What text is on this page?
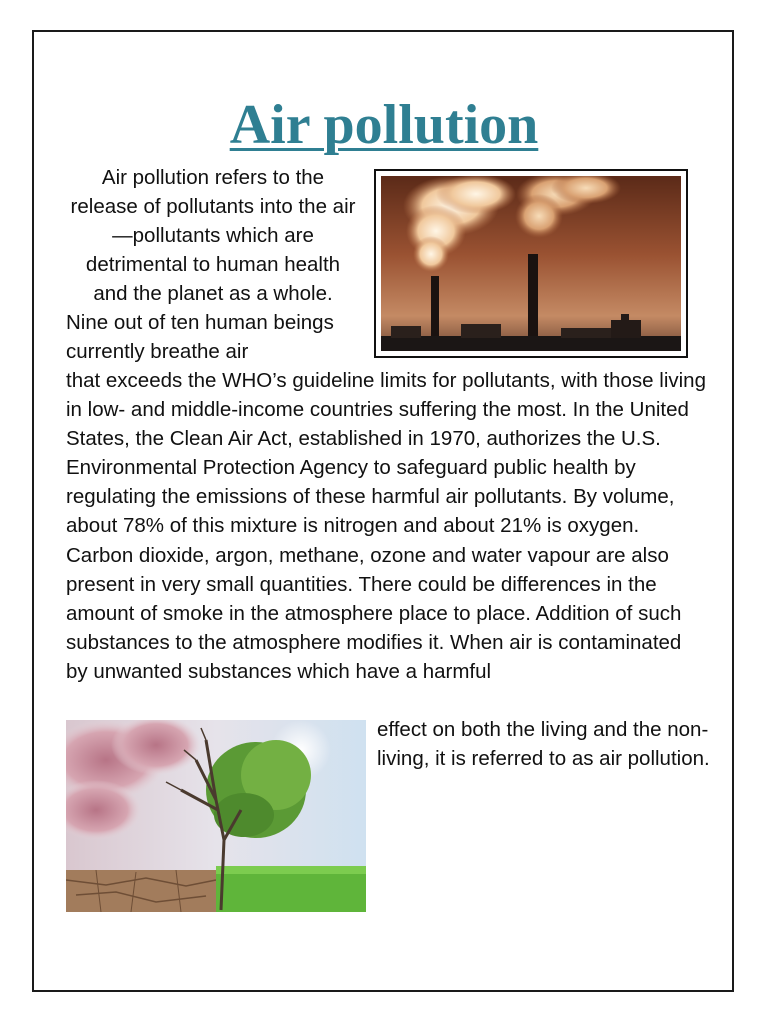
Air pollution

Air pollution refers to the release of pollutants into the air—pollutants which are detrimental to human health and the planet as a whole.

Nine out of ten human beings currently breathe air

that exceeds the WHO’s guideline limits for pollutants, with those living in low- and middle-income countries suffering the most. In the United States, the Clean Air Act, established in 1970, authorizes the U.S. Environmental Protection Agency to safeguard public health by regulating the emissions of these harmful air pollutants. By volume, about 78% of this mixture is nitrogen and about 21% is oxygen. Carbon dioxide, argon, methane, ozone and water vapour are also present in very small quantities. There could be differences in the amount of smoke in the atmosphere place to place. Addition of such substances to the atmosphere modifies it. When air is contaminated by unwanted substances which have a harmful

effect on both the living and the non-living, it is referred to as air pollution.
